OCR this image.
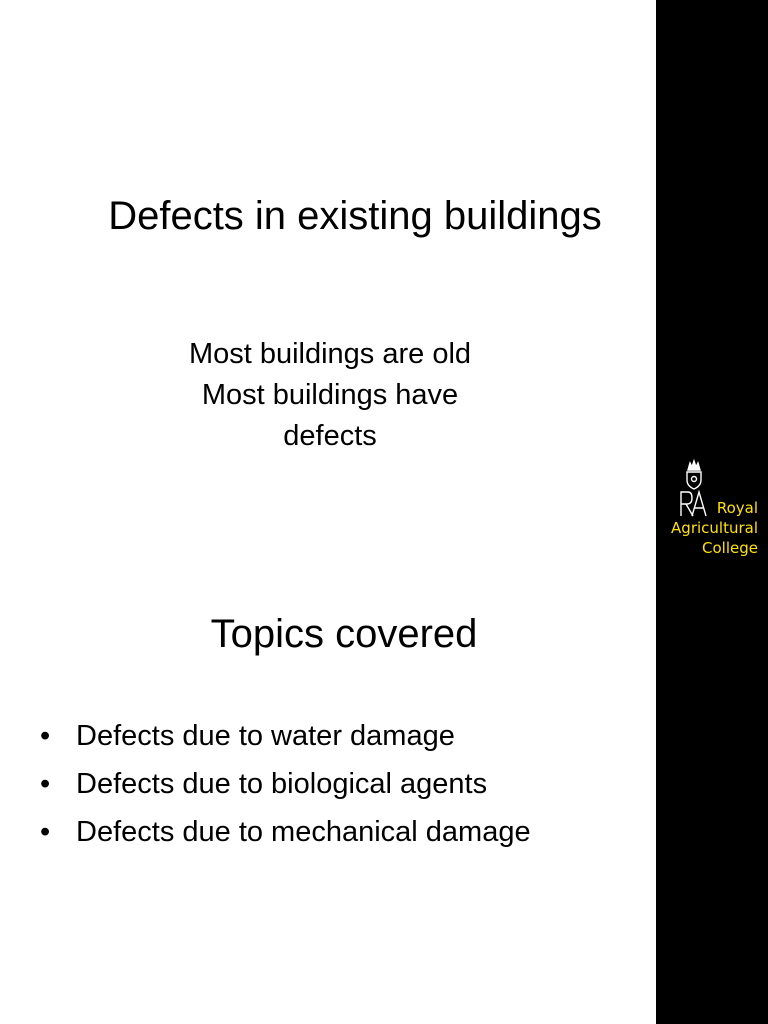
Defects in existing buildings
Most buildings are old
Most buildings have
defects
Topics covered
• Defects due to water damage
• Defects due to biological agents
• Defects due to mechanical damage
Royal
Agricultural
College
